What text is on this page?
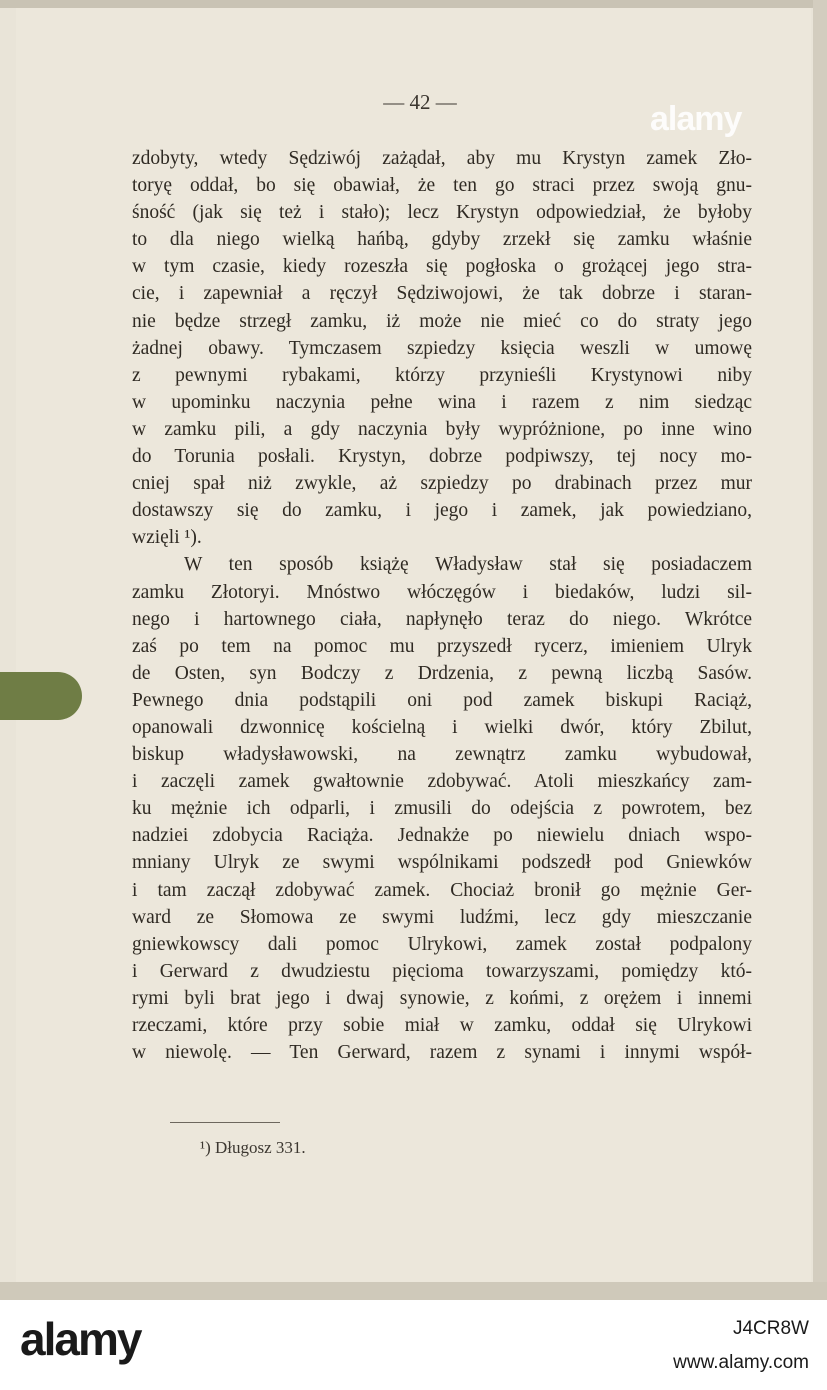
— 42 —
zdobyty, wtedy Sędziwój zażądał, aby mu Krystyn zamek Zło-
toryę oddał, bo się obawiał, że ten go straci przez swoją gnu-
śność (jak się też i stało); lecz Krystyn odpowiedział, że byłoby
to dla niego wielką hańbą, gdyby zrzekł się zamku właśnie
w tym czasie, kiedy rozeszła się pogłoska o grożącej jego stra-
cie, i zapewniał a ręczył Sędziwojowi, że tak dobrze i staran-
nie będze strzegł zamku, iż może nie mieć co do straty jego
żadnej obawy. Tymczasem szpiedzy księcia weszli w umowę
z pewnymi rybakami, którzy przynieśli Krystynowi niby
w upominku naczynia pełne wina i razem z nim siedząc
w zamku pili, a gdy naczynia były wypróżnione, po inne wino
do Torunia posłali. Krystyn, dobrze podpiwszy, tej nocy mo-
cniej spał niż zwykle, aż szpiedzy po drabinach przez mur
dostawszy się do zamku, i jego i zamek, jak powiedziano,
wzięli ¹).
W ten sposób książę Władysław stał się posiadaczem
zamku Złotoryi. Mnóstwo włóczęgów i biedaków, ludzi sil-
nego i hartownego ciała, napłynęło teraz do niego. Wkrótce
zaś po tem na pomoc mu przyszedł rycerz, imieniem Ulryk
de Osten, syn Bodczy z Drdzenia, z pewną liczbą Sasów.
Pewnego dnia podstąpili oni pod zamek biskupi Raciąż,
opanowali dzwonnicę kościelną i wielki dwór, który Zbilut,
biskup władysławowski, na zewnątrz zamku wybudował,
i zaczęli zamek gwałtownie zdobywać. Atoli mieszkańcy zam-
ku mężnie ich odparli, i zmusili do odejścia z powrotem, bez
nadziei zdobycia Raciąża. Jednakże po niewielu dniach wspo-
mniany Ulryk ze swymi wspólnikami podszedł pod Gniewków
i tam zaczął zdobywać zamek. Chociaż bronił go mężnie Ger-
ward ze Słomowa ze swymi ludźmi, lecz gdy mieszczanie
gniewkowscy dali pomoc Ulrykowi, zamek został podpalony
i Gerward z dwudziestu pięcioma towarzyszami, pomiędzy któ-
rymi byli brat jego i dwaj synowie, z końmi, z orężem i innemi
rzeczami, które przy sobie miał w zamku, oddał się Ulrykowi
w niewolę. — Ten Gerward, razem z synami i innymi współ-
¹) Długosz 331.
alamy
alamy	J4CR8W
www.alamy.com
